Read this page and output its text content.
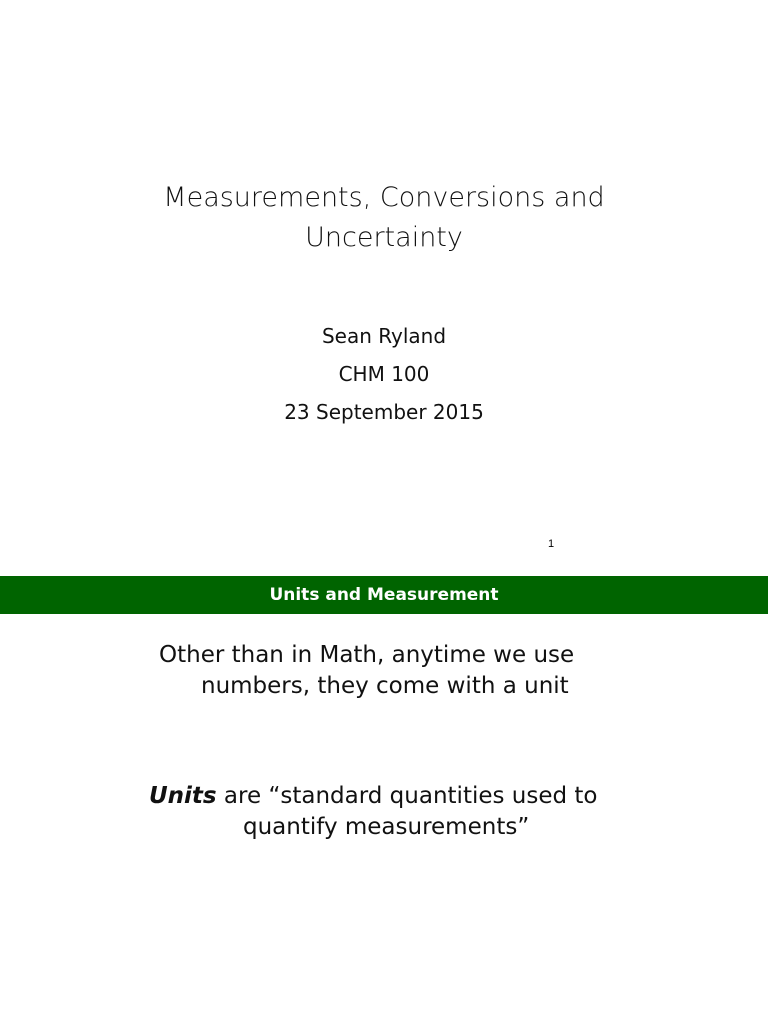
Measurements, Conversions and
Uncertainty
Sean Ryland
CHM 100
23 September 2015
1
Units and Measurement
Other than in Math, anytime we use
numbers, they come with a unit
Units are “standard quantities used to
quantify measurements”
